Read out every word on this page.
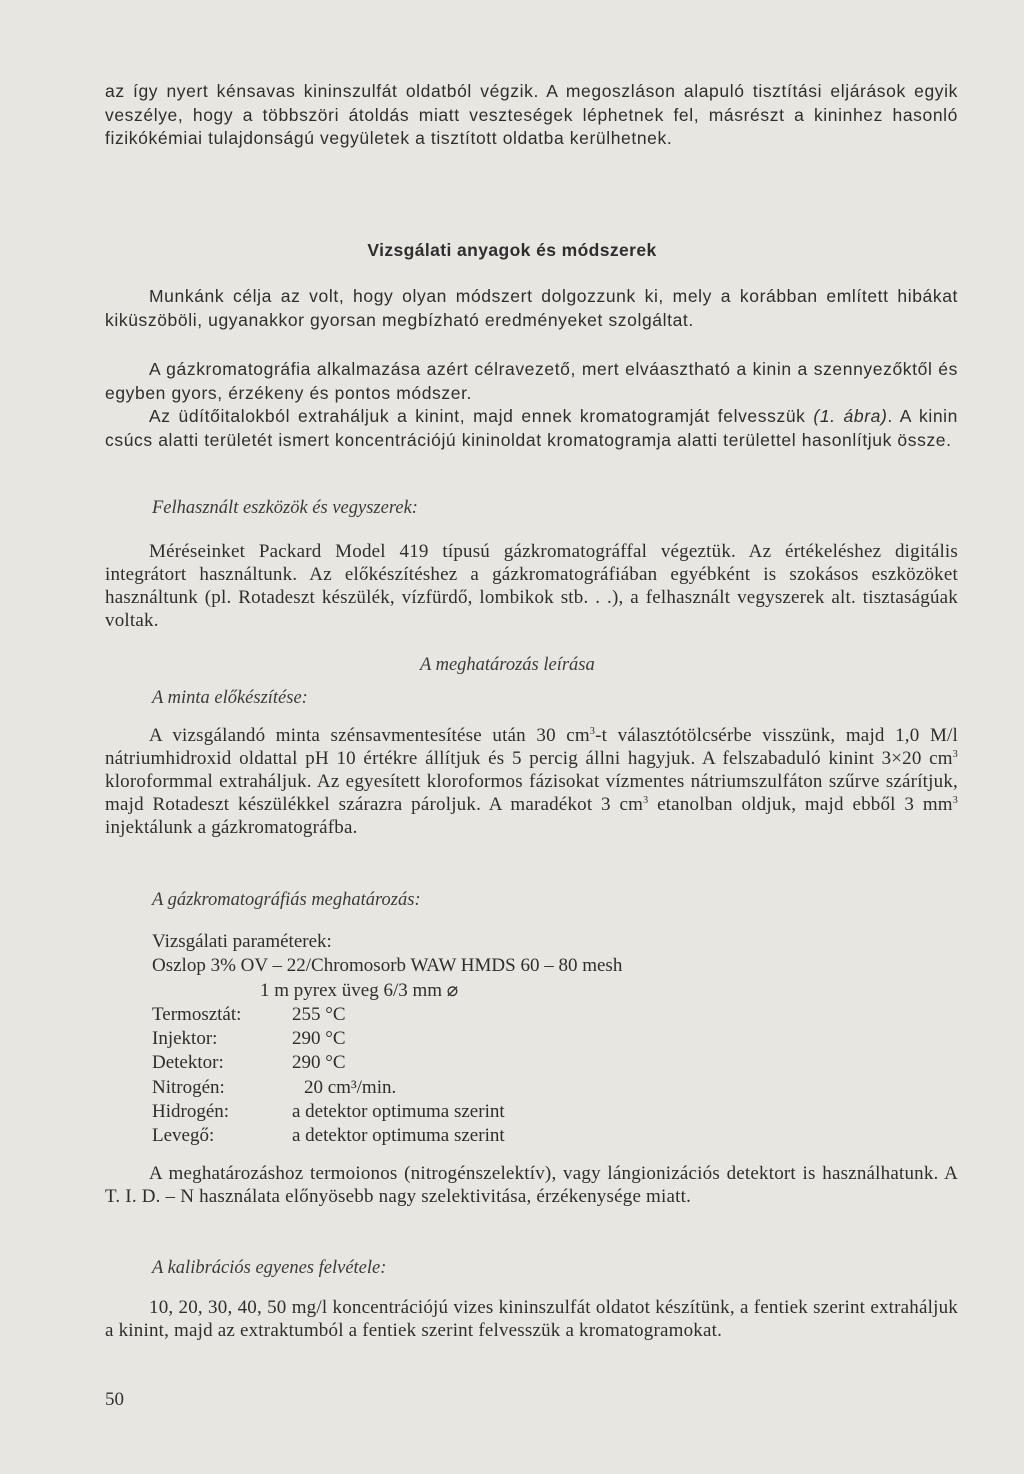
az így nyert kénsavas kininszulfát oldatból végzik. A megoszláson alapuló tisztítási eljárások egyik veszélye, hogy a többszöri átoldás miatt veszteségek léphetnek fel, másrészt a kininhez hasonló fizikókémiai tulajdonságú vegyületek a tisztított oldatba kerülhetnek.
Vizsgálati anyagok és módszerek
Munkánk célja az volt, hogy olyan módszert dolgozzunk ki, mely a korábban említett hibákat kiküszöböli, ugyanakkor gyorsan megbízható eredményeket szolgáltat.
A gázkromatográfia alkalmazása azért célravezető, mert elváasztható a kinin a szennyezőktől és egyben gyors, érzékeny és pontos módszer.
Az üdítőitalokból extraháljuk a kinint, majd ennek kromatogramját felvesszük (1. ábra). A kinin csúcs alatti területét ismert koncentrációjú kininoldat kromatogramja alatti területtel hasonlítjuk össze.
Felhasznált eszközök és vegyszerek:
Méréseinket Packard Model 419 típusú gázkromatográffal végeztük. Az értékeléshez digitális integrátort használtunk. Az előkészítéshez a gázkromatográfiában egyébként is szokásos eszközöket használtunk (pl. Rotadeszt készülék, vízfürdő, lombikok stb. . .), a felhasznált vegyszerek alt. tisztaságúak voltak.
A meghatározás leírása
A minta előkészítése:
A vizsgálandó minta szénsavmentesítése után 30 $cm^3-t$ választótölcsérbe visszünk, majd 1,0 M/l nátriumhidroxid oldattal pH 10 értékre állítjuk és 5 percig állni hagyjuk. A felszabaduló kinint 3×20 $cm^3$ kloroformmal extraháljuk. Az egyesített kloroformos fázisokat vízmentes nátriumszulfáton szűrve szárítjuk, majd Rotadeszt készülékkel szárazra pároljuk. A maradékot 3 $cm^3$ etanolban oldjuk, majd ebből 3 $mm^3$ injektálunk a gázkromatográfba.
A gázkromatográfiás meghatározás:
Vizsgálati paraméterek:
Oszlop 3% OV – 22/Chromosorb WAW HMDS 60 – 80 mesh
1 m pyrex üveg 6/3 mm ⌀
Termosztát:	255 °C
Injektor:	290 °C
Detektor:	290 °C
Nitrogén:	20 cm³/min.
Hidrogén:	a detektor optimuma szerint
Levegő:	a detektor optimuma szerint
A meghatározáshoz termoionos (nitrogénszelektív), vagy lángionizációs detektort is használhatunk. A T. I. D. – N használata előnyösebb nagy szelektivitása, érzékenysége miatt.
A kalibrációs egyenes felvétele:
10, 20, 30, 40, 50 mg/l koncentrációjú vizes kininszulfát oldatot készítünk, a fentiek szerint extraháljuk a kinint, majd az extraktumból a fentiek szerint felvesszük a kromatogramokat.
50
